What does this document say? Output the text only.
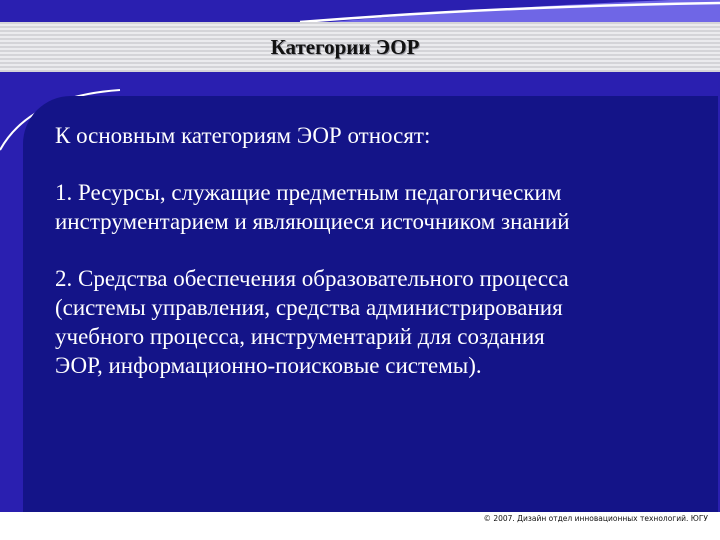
Категории ЭОР

К основным категориям ЭОР относят:

1. Ресурсы, служащие предметным педагогическим
инструментарием и являющиеся источником знаний

2. Средства обеспечения образовательного процесса
(системы управления, средства администрирования
учебного процесса, инструментарий для создания
ЭОР, информационно-поисковые системы).

© 2007. Дизайн отдел инновационных технологий. ЮГУ
